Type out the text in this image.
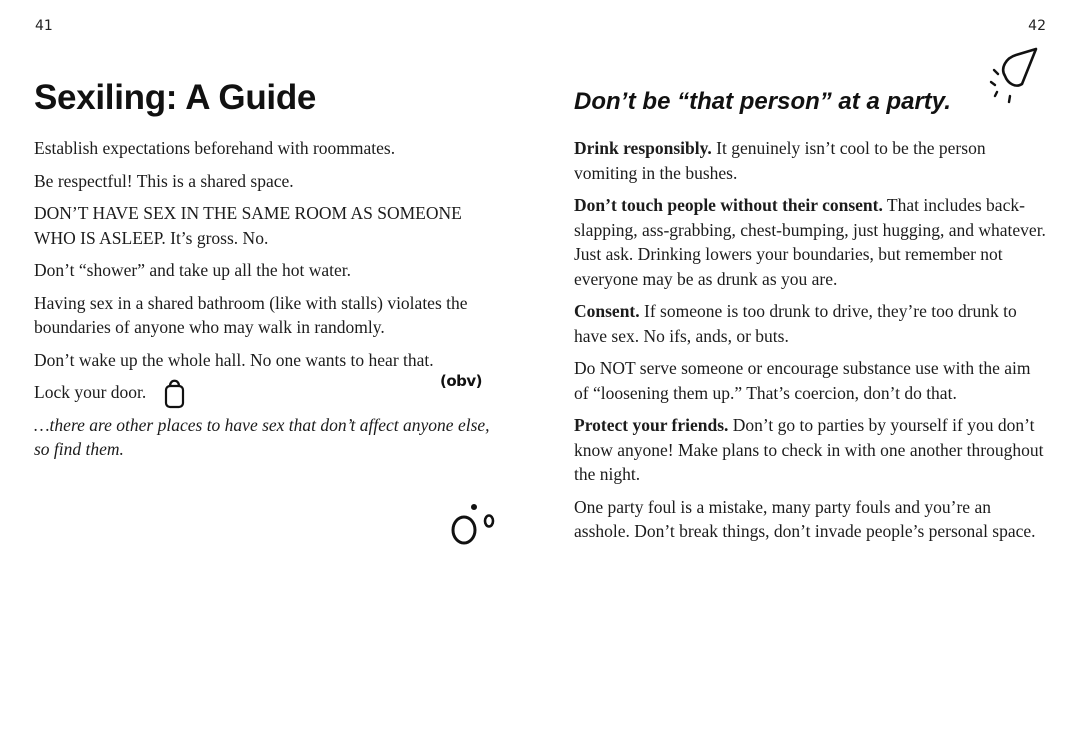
41	42
Sexiling: A Guide

Establish expectations beforehand with roommates.

Be respectful! This is a shared space.

DON’T HAVE SEX IN THE SAME ROOM AS SOMEONE WHO IS ASLEEP. It’s gross. No.

Don’t “shower” and take up all the hot water.

Having sex in a shared bathroom (like with stalls) violates the boundaries of anyone who may walk in randomly.

Don’t wake up the whole hall. No one wants to hear that.

Lock your door.

…there are other places to have sex that don’t affect anyone else, so find them.

Don’t be “that person” at a party.

Drink responsibly. It genuinely isn’t cool to be the person vomiting in the bushes.

Don’t touch people without their consent. That includes back-slapping, ass-grabbing, chest-bumping, just hugging, and whatever. Just ask. Drinking lowers your boundaries, but remember not everyone may be as drunk as you are.

Consent. If someone is too drunk to drive, they’re too drunk to have sex. No ifs, ands, or buts.

Do NOT serve someone or encourage substance use with the aim of “loosening them up.” That’s coercion, don’t do that.

Protect your friends. Don’t go to parties by yourself if you don’t know anyone! Make plans to check in with one another throughout the night.

One party foul is a mistake, many party fouls and you’re an asshole. Don’t break things, don’t invade people’s personal space.

(obv)
